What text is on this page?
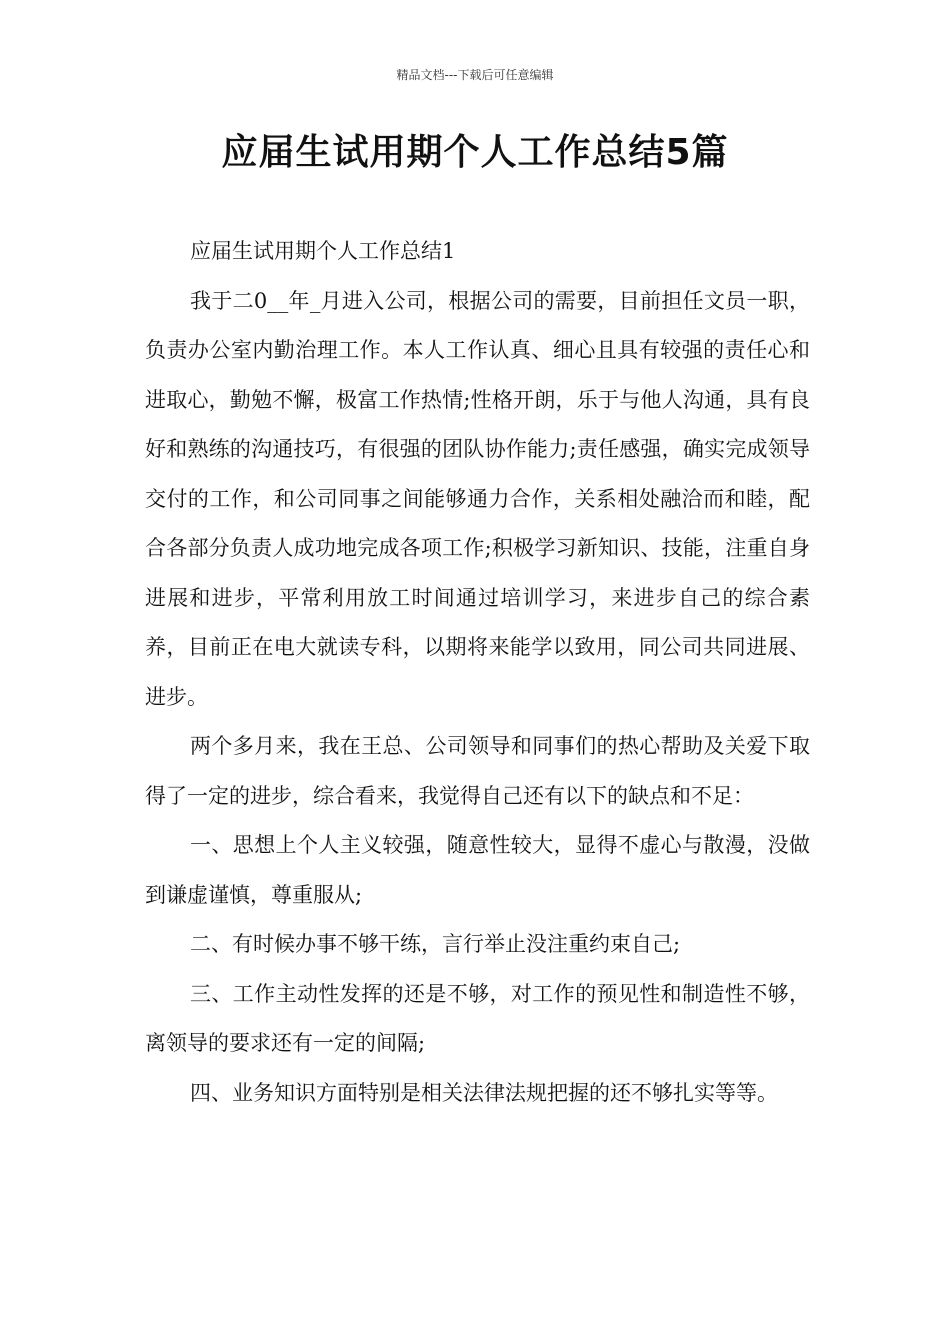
精品文档---下载后可任意编辑
应届生试用期个人工作总结5篇

应届生试用期个人工作总结1

我于二0__年_月进入公司，根据公司的需要，目前担任文员一职，负责办公室内勤治理工作。本人工作认真、细心且具有较强的责任心和进取心，勤勉不懈，极富工作热情;性格开朗，乐于与他人沟通，具有良好和熟练的沟通技巧，有很强的团队协作能力;责任感强，确实完成领导交付的工作，和公司同事之间能够通力合作，关系相处融洽而和睦，配合各部分负责人成功地完成各项工作;积极学习新知识、技能，注重自身进展和进步，平常利用放工时间通过培训学习，来进步自己的综合素养，目前正在电大就读专科，以期将来能学以致用，同公司共同进展、进步。

两个多月来，我在王总、公司领导和同事们的热心帮助及关爱下取得了一定的进步，综合看来，我觉得自己还有以下的缺点和不足：

一、思想上个人主义较强，随意性较大，显得不虚心与散漫，没做到谦虚谨慎，尊重服从;

二、有时候办事不够干练，言行举止没注重约束自己;

三、工作主动性发挥的还是不够，对工作的预见性和制造性不够，离领导的要求还有一定的间隔;

四、业务知识方面特别是相关法律法规把握的还不够扎实等等。
